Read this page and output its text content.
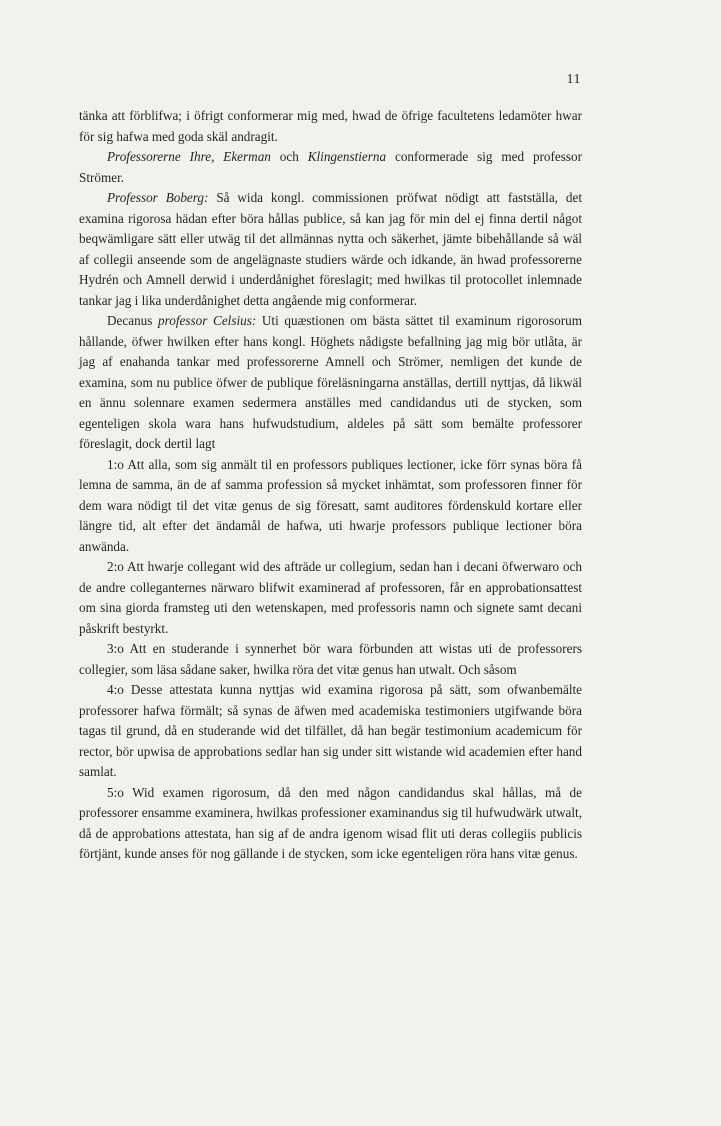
11

tänka att förblifwa; i öfrigt conformerar mig med, hwad de öfrige facultetens ledamöter hwar för sig hafwa med goda skäl andragit.

Professorerne Ihre, Ekerman och Klingenstierna conformerade sig med professor Strömer.

Professor Boberg: Så wida kongl. commissionen pröfwat nödigt att fastställa, det examina rigorosa hädan efter böra hållas publice, så kan jag för min del ej finna dertil något beqwämligare sätt eller utwäg til det allmännas nytta och säkerhet, jämte bibehållande så wäl af collegii anseende som de angelägnaste studiers wärde och idkande, än hwad professorerne Hydrén och Amnell derwid i underdånighet föreslagit; med hwilkas til protocollet inlemnade tankar jag i lika underdånighet detta angående mig conformerar.

Decanus professor Celsius: Uti quæstionen om bästa sättet til examinum rigorosorum hållande, öfwer hwilken efter hans kongl. Höghets nådigste befallning jag mig bör utlåta, är jag af enahanda tankar med professorerne Amnell och Strömer, nemligen det kunde de examina, som nu publice öfwer de publique föreläsningarna anställas, dertill nyttjas, då likwäl en ännu solennare examen sedermera anställes med candidandus uti de stycken, som egenteligen skola wara hans hufwudstudium, aldeles på sätt som bemälte professorer föreslagit, dock dertil lagt

1:o Att alla, som sig anmält til en professors publiques lectioner, icke förr synas böra få lemna de samma, än de af samma profession så mycket inhämtat, som professoren finner för dem wara nödigt til det vitæ genus de sig föresatt, samt auditores fördenskuld kortare eller längre tid, alt efter det ändamål de hafwa, uti hwarje professors publique lectioner böra anwända.

2:o Att hwarje collegant wid des afträde ur collegium, sedan han i decani öfwerwaro och de andre colleganternes närwaro blifwit examinerad af professoren, får en approbationsattest om sina giorda framsteg uti den wetenskapen, med professoris namn och signete samt decani påskrift bestyrkt.

3:o Att en studerande i synnerhet bör wara förbunden att wistas uti de professorers collegier, som läsa sådane saker, hwilka röra det vitæ genus han utwalt. Och såsom

4:o Desse attestata kunna nyttjas wid examina rigorosa på sätt, som ofwanbemälte professorer hafwa förmält; så synas de äfwen med academiska testimoniers utgifwande böra tagas til grund, då en studerande wid det tilfället, då han begär testimonium academicum för rector, bör upwisa de approbations sedlar han sig under sitt wistande wid academien efter hand samlat.

5:o Wid examen rigorosum, då den med någon candidandus skal hållas, må de professorer ensamme examinera, hwilkas professioner examinandus sig til hufwudwärk utwalt, då de approbations attestata, han sig af de andra igenom wisad flit uti deras collegiis publicis förtjänt, kunde anses för nog gällande i de stycken, som icke egenteligen röra hans vitæ genus.
